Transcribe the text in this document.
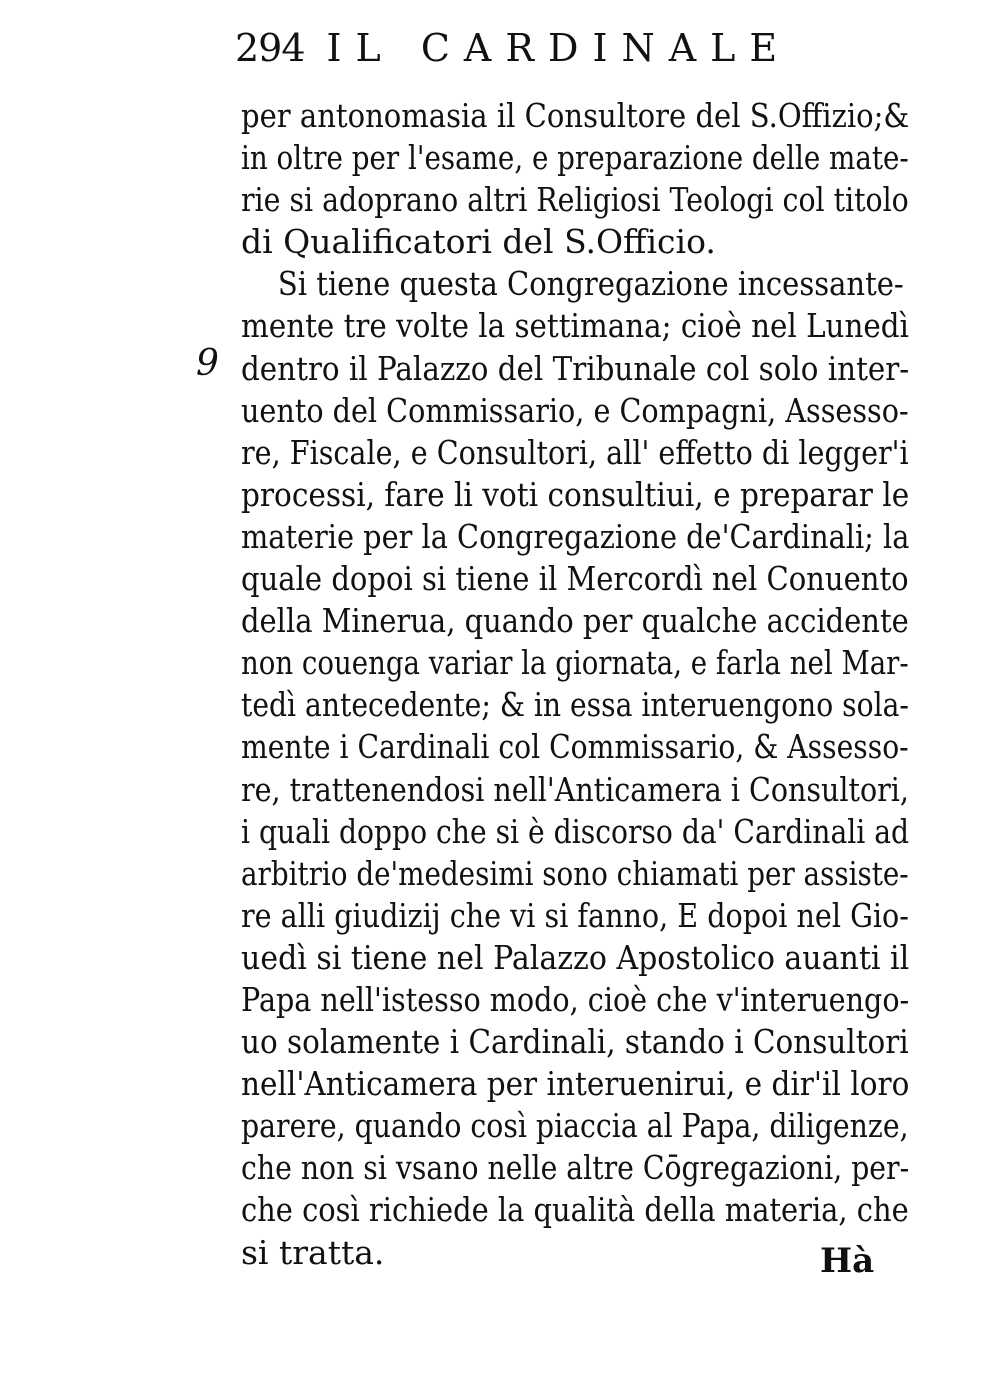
294 IL CARDINALE
9
per antonomasia il Consultore del S.Offizio;&
in oltre per l'esame, e preparazione delle mate-
rie si adoprano altri Religiosi Teologi col titolo
di Qualificatori del S.Officio.
Si tiene questa Congregazione incessante-
mente tre volte la settimana; cioè nel Lunedì
dentro il Palazzo del Tribunale col solo inter-
uento del Commissario, e Compagni, Assesso-
re, Fiscale, e Consultori, all' effetto di legger'i
processi, fare li voti consultiui, e preparar le
materie per la Congregazione de'Cardinali; la
quale dopoi si tiene il Mercordì nel Conuento
della Minerua, quando per qualche accidente
non couenga variar la giornata, e farla nel Mar-
tedì antecedente; & in essa interuengono sola-
mente i Cardinali col Commissario, & Assesso-
re, trattenendosi nell'Anticamera i Consultori,
i quali doppo che si è discorso da' Cardinali ad
arbitrio de'medesimi sono chiamati per assiste-
re alli giudizij che vi si fanno, E dopoi nel Gio-
uedì si tiene nel Palazzo Apostolico auanti il
Papa nell'istesso modo, cioè che v'interuengo-
uo solamente i Cardinali, stando i Consultori
nell'Anticamera per interuenirui, e dir'il loro
parere, quando così piaccia al Papa, diligenze,
che non si vsano nelle altre Cōgregazioni, per-
che così richiede la qualità della materia, che
si tratta.	Hà
